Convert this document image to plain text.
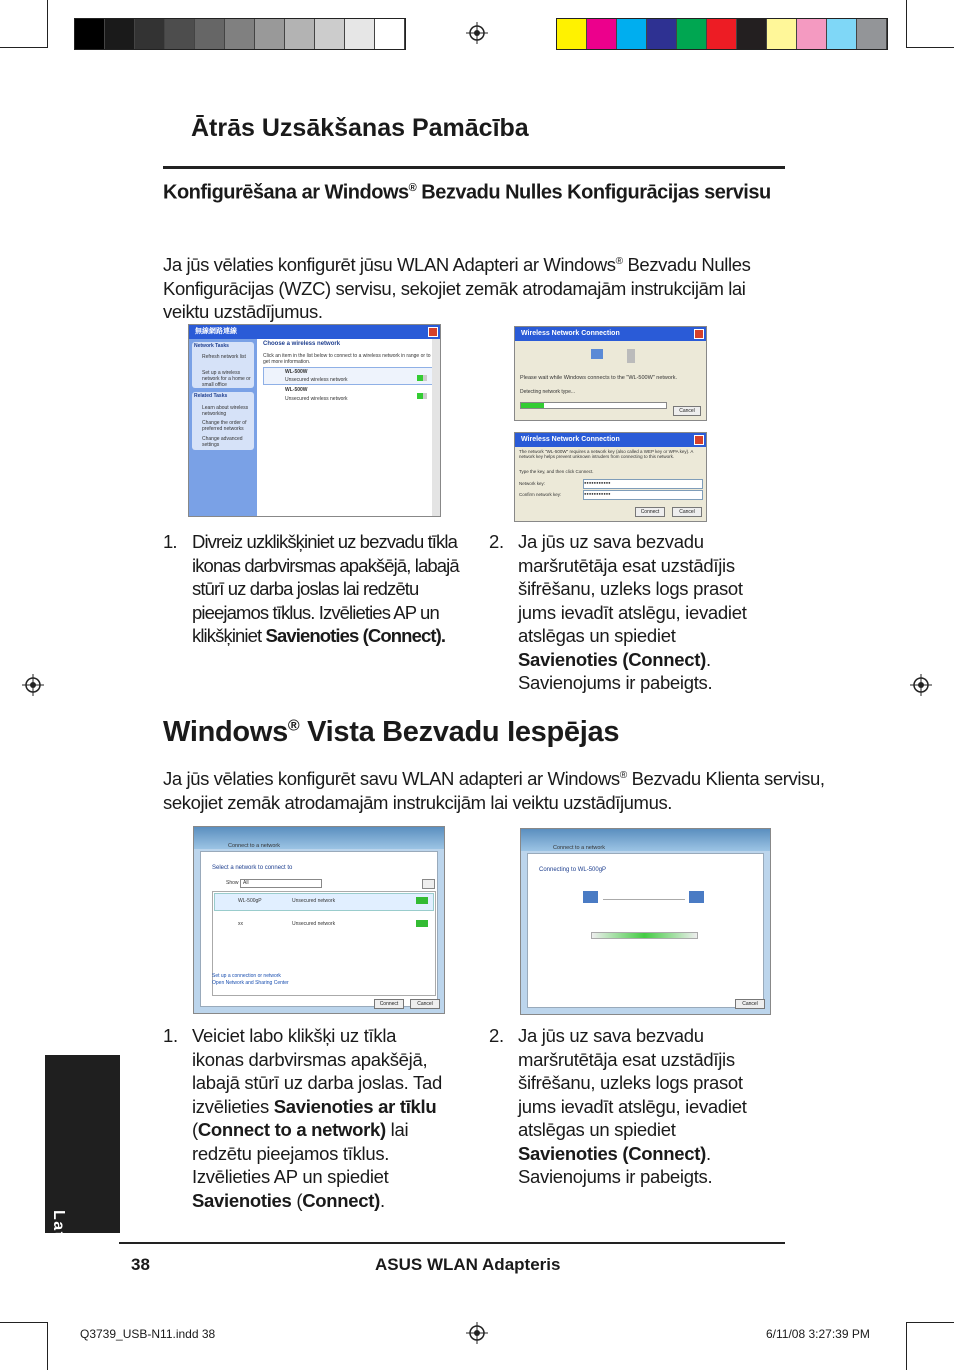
Ātrās Uzsākšanas Pamācība
Konfigurēšana ar Windows® Bezvadu Nulles Konfigurācijas servisu
Ja jūs vēlaties konfigurēt jūsu WLAN Adapteri ar Windows® Bezvadu Nulles Konfigurācijas (WZC) servisu, sekojiet zemāk atrodamajām instrukcijām lai veiktu uzstādījumus.
無線網路連線
Network Tasks
Refresh network list
Set up a wireless network for a home or small office
Related Tasks
Learn about wireless networking
Change the order of preferred networks
Change advanced settings
Choose a wireless network
Click an item in the list below to connect to a wireless network in range or to get more information.
WL-500W
Unsecured wireless network
WL-500W
Unsecured wireless network
Wireless Network Connection
Please wait while Windows connects to the "WL-500W" network.
Detecting network type...
Cancel
Wireless Network Connection
The network "WL-500W" requires a network key (also called a WEP key or WPA key). A network key helps prevent unknown intruders from connecting to this network.
Type the key, and then click Connect.
Network key:	●●●●●●●●●●●
Confirm network key:	●●●●●●●●●●●
Connect	Cancel
1. Divreiz uzklikšķiniet uz bezvadu tīkla ikonas darbvirsmas apakšējā, labajā stūrī uz darba joslas lai redzētu pieejamos tīklus. Izvēlieties AP un klikšķiniet Savienoties (Connect).
2. Ja jūs uz sava bezvadu maršrutētāja esat uzstādījis šifrēšanu, uzleks logs prasot jums ievadīt atslēgu, ievadiet atslēgas un spiediet Savienoties (Connect). Savienojums ir pabeigts.
Windows® Vista Bezvadu Iespējas
Ja jūs vēlaties konfigurēt savu WLAN adapteri ar Windows® Bezvadu Klienta servisu, sekojiet zemāk atrodamajām instrukcijām lai veiktu uzstādījumus.
Connect to a network
Select a network to connect to
Show All
WL-500gP	Unsecured network
xx	Unsecured network
Set up a connection or network
Open Network and Sharing Center
Connect	Cancel
Connect to a network
Connecting to WL-500gP
Cancel
1. Veiciet labo klikšķi uz tīkla ikonas darbvirsmas apakšējā, labajā stūrī uz darba joslas. Tad izvēlieties Savienoties ar tīklu (Connect to a network) lai redzētu pieejamos tīklus. Izvēlieties AP un spiediet Savienoties (Connect).
2. Ja jūs uz sava bezvadu maršrutētāja esat uzstādījis šifrēšanu, uzleks logs prasot jums ievadīt atslēgu, ievadiet atslēgas un spiediet Savienoties (Connect). Savienojums ir pabeigts.
Latviski	38	ASUS WLAN Adapteris
Q3739_USB-N11.indd 38	6/11/08 3:27:39 PM
